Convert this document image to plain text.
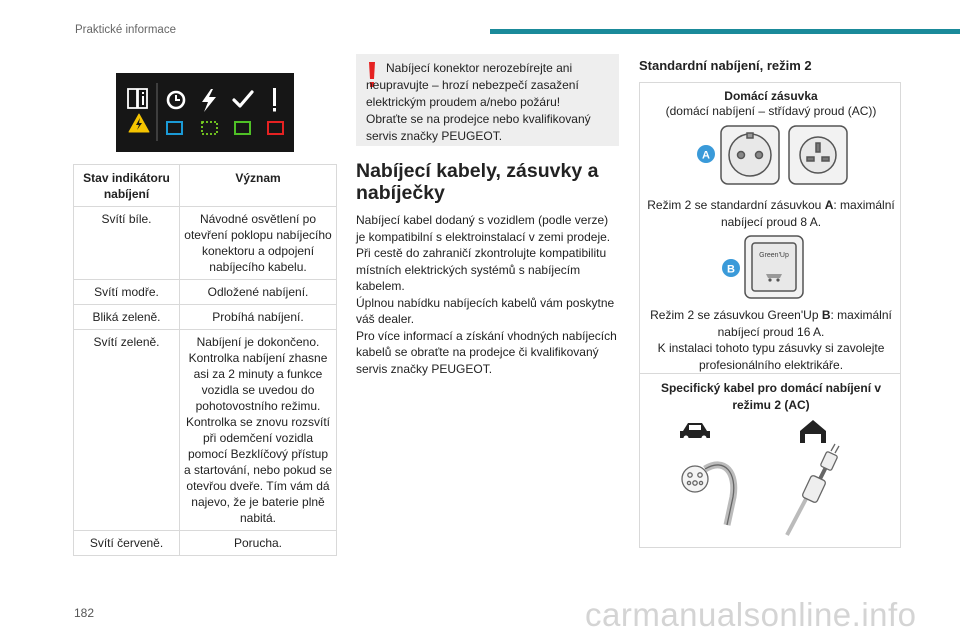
Praktické informace
Stav indikátoru nabíjení	Význam
Svítí bíle.	Návodné osvětlení po otevření poklopu nabíjecího konektoru a odpojení nabíjecího kabelu.
Svítí modře.	Odložené nabíjení.
Bliká zeleně.	Probíhá nabíjení.
Svítí zeleně.	Nabíjení je dokončeno. Kontrolka nabíjení zhasne asi za 2 minuty a funkce vozidla se uvedou do pohotovostního režimu. Kontrolka se znovu rozsvítí při odemčení vozidla pomocí Bezklíčový přístup a startování, nebo pokud se otevřou dveře. Tím vám dá najevo, že je baterie plně nabitá.
Svítí červeně.	Porucha.
Nabíjecí konektor nerozebírejte ani neupravujte – hrozí nebezpečí zasažení elektrickým proudem a/nebo požáru!
Obraťte se na prodejce nebo kvalifikovaný servis značky PEUGEOT.
Nabíjecí kabely, zásuvky a nabíječky

Nabíjecí kabel dodaný s vozidlem (podle verze) je kompatibilní s elektroinstalací v zemi prodeje. Při cestě do zahraničí zkontrolujte kompatibilitu místních elektrických systémů s nabíjecím kabelem.

Úplnou nabídku nabíjecích kabelů vám poskytne váš dealer.

Pro více informací a získání vhodných nabíjecích kabelů se obraťte na prodejce či kvalifikovaný servis značky PEUGEOT.

Standardní nabíjení, režim 2
Domácí zásuvka
(domácí nabíjení – střídavý proud (AC))
A
Režim 2 se standardní zásuvkou A: maximální nabíjecí proud 8 A.
B
Green'Up
Režim 2 se zásuvkou Green'Up B: maximální nabíjecí proud 16 A.
K instalaci tohoto typu zásuvky si zavolejte profesionálního elektrikáře.
Specifický kabel pro domácí nabíjení v režimu 2 (AC)
182	carmanualsonline.info
